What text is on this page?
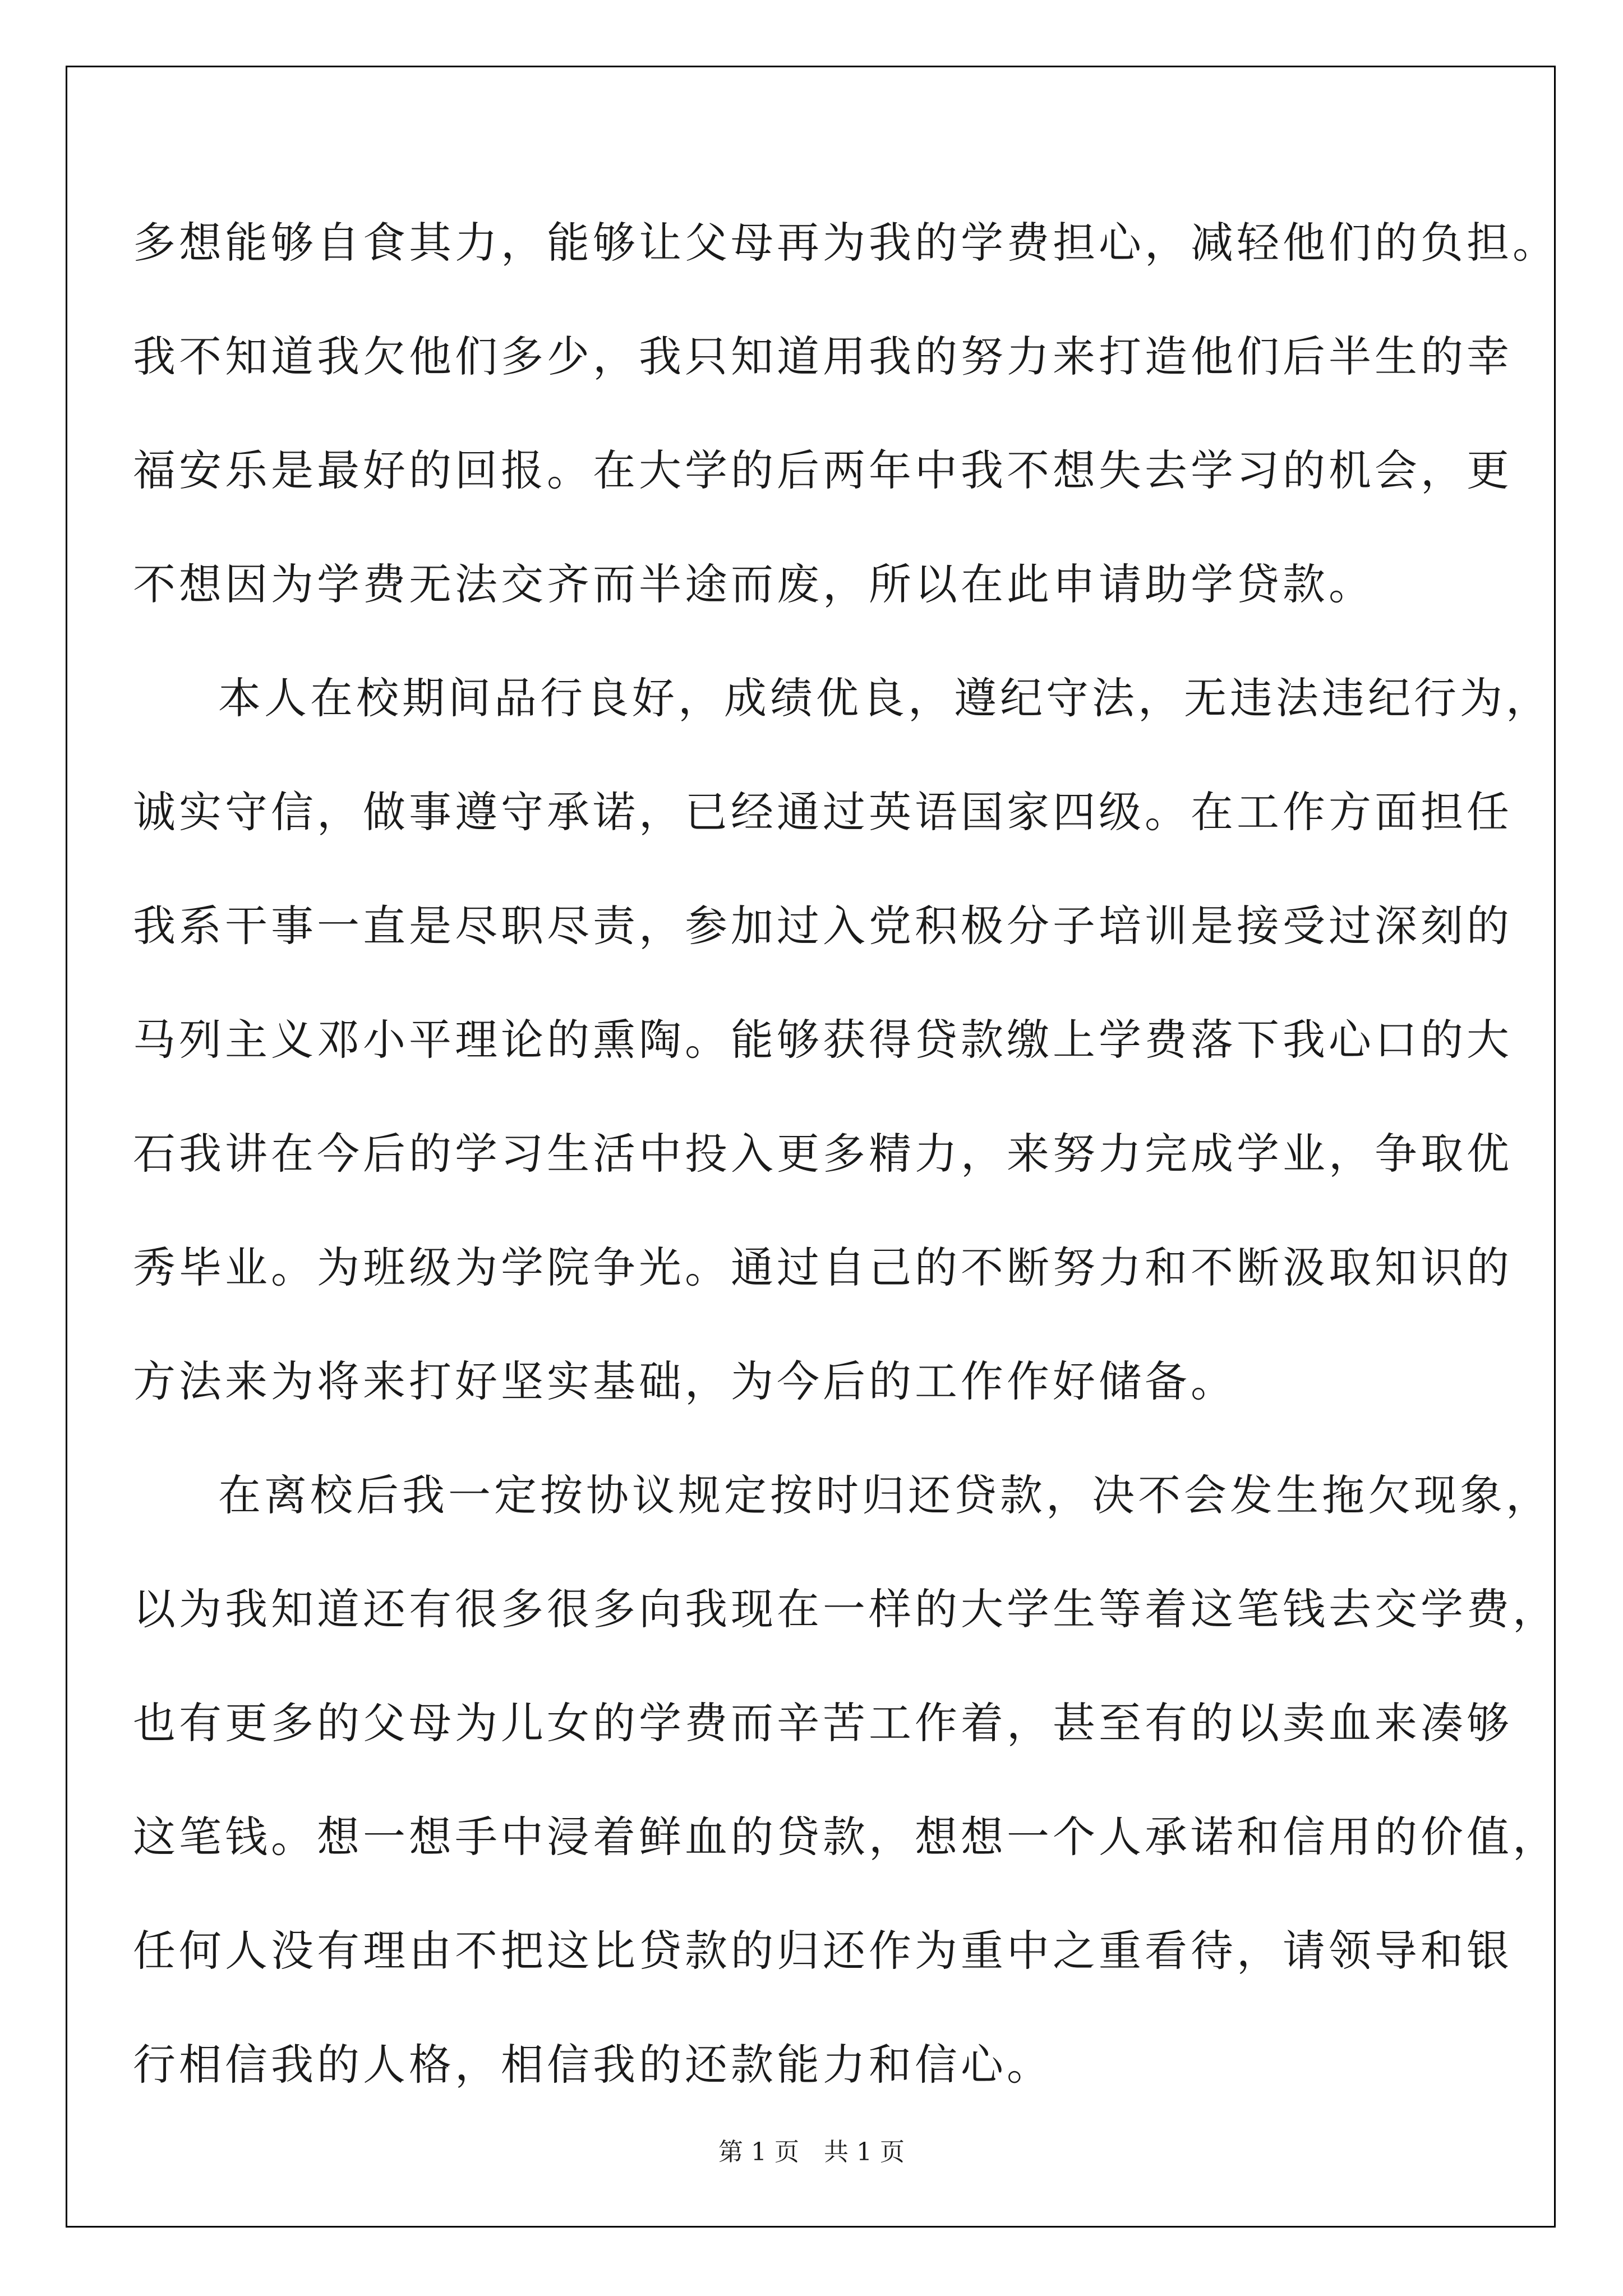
多想能够自食其力，能够让父母再为我的学费担心，减轻他们的负担。
我不知道我欠他们多少，我只知道用我的努力来打造他们后半生的幸
福安乐是最好的回报。在大学的后两年中我不想失去学习的机会，更
不想因为学费无法交齐而半途而废，所以在此申请助学贷款。
本人在校期间品行良好，成绩优良，遵纪守法，无违法违纪行为，
诚实守信，做事遵守承诺，已经通过英语国家四级。在工作方面担任
我系干事一直是尽职尽责，参加过入党积极分子培训是接受过深刻的
马列主义邓小平理论的熏陶。能够获得贷款缴上学费落下我心口的大
石我讲在今后的学习生活中投入更多精力，来努力完成学业，争取优
秀毕业。为班级为学院争光。通过自己的不断努力和不断汲取知识的
方法来为将来打好坚实基础，为今后的工作作好储备。
在离校后我一定按协议规定按时归还贷款，决不会发生拖欠现象，
以为我知道还有很多很多向我现在一样的大学生等着这笔钱去交学费，
也有更多的父母为儿女的学费而辛苦工作着，甚至有的以卖血来凑够
这笔钱。想一想手中浸着鲜血的贷款，想想一个人承诺和信用的价值，
任何人没有理由不把这比贷款的归还作为重中之重看待，请领导和银
行相信我的人格，相信我的还款能力和信心。
第 1 页　共 1 页
